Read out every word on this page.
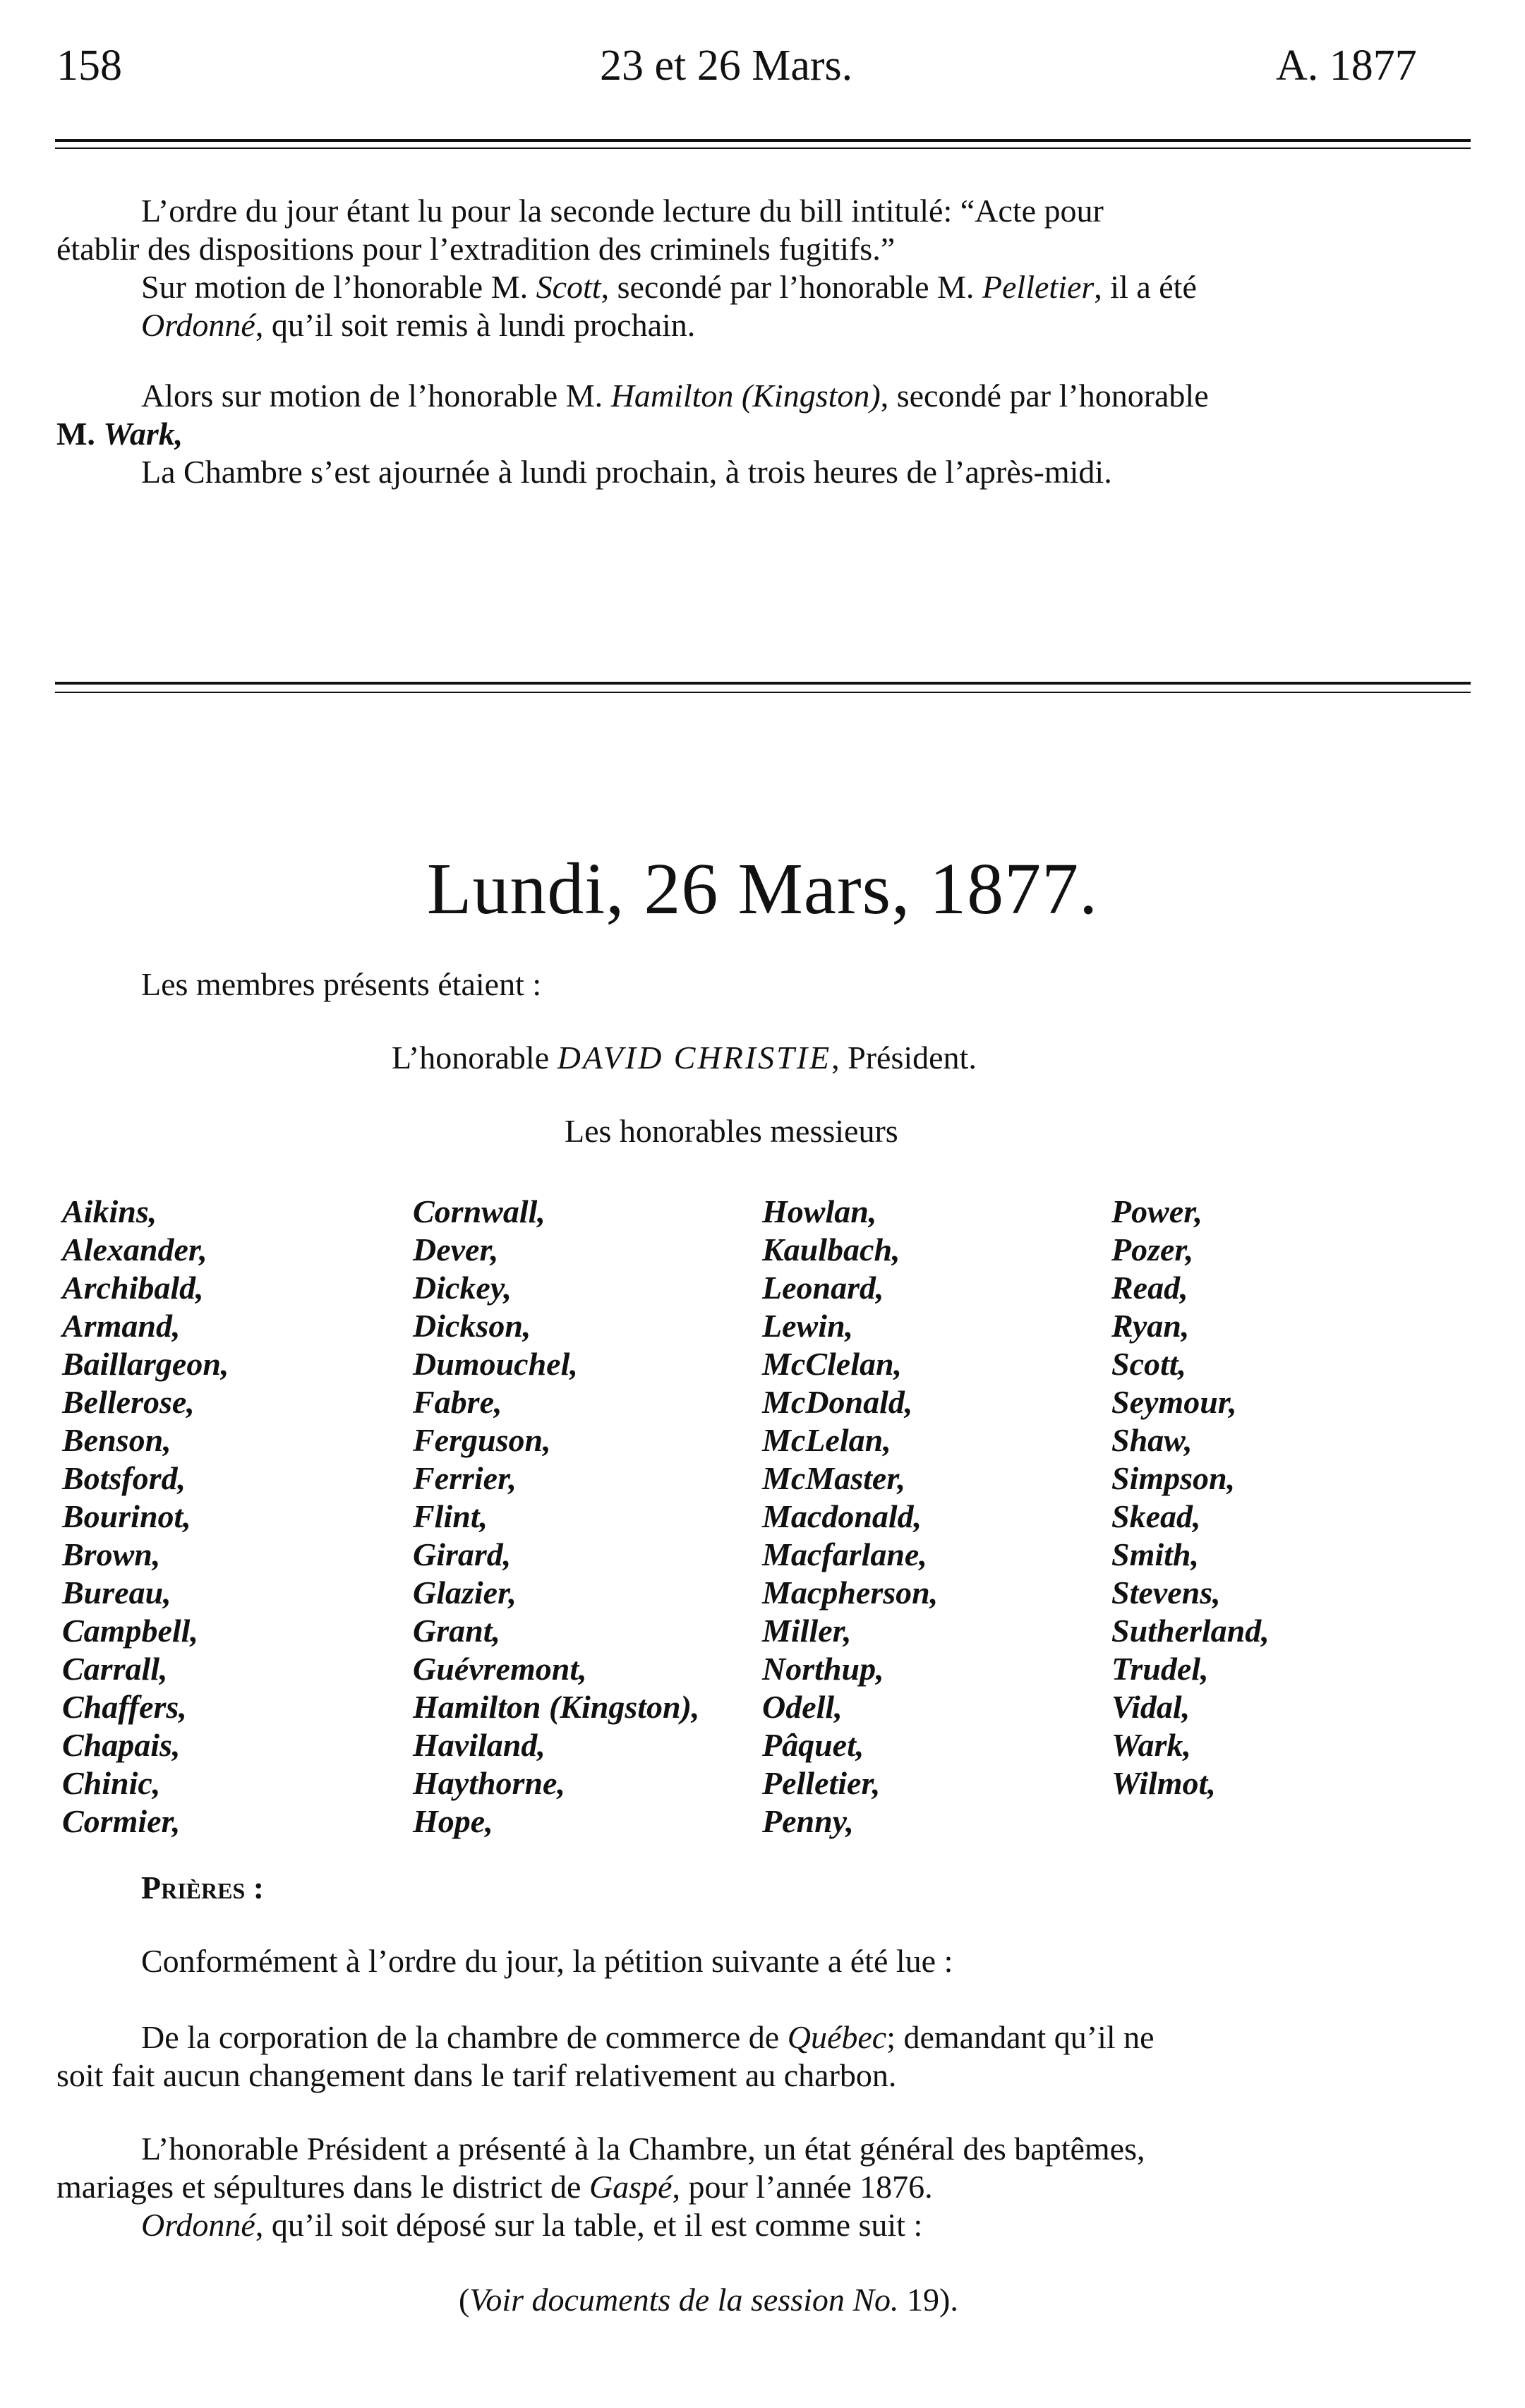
158	23 et 26 Mars.	A. 1877
L’ordre du jour étant lu pour la seconde lecture du bill intitulé: “Acte pour
établir des dispositions pour l’extradition des criminels fugitifs.”
Sur motion de l’honorable M. Scott, secondé par l’honorable M. Pelletier, il a été
Ordonné, qu’il soit remis à lundi prochain.
Alors sur motion de l’honorable M. Hamilton (Kingston), secondé par l’honorable
M. Wark,
La Chambre s’est ajournée à lundi prochain, à trois heures de l’après-midi.
Lundi, 26 Mars, 1877.
Les membres présents étaient :
L’honorable DAVID CHRISTIE, Président.
Les honorables messieurs
Aikins,
Alexander,
Archibald,
Armand,
Baillargeon,
Bellerose,
Benson,
Botsford,
Bourinot,
Brown,
Bureau,
Campbell,
Carrall,
Chaffers,
Chapais,
Chinic,
Cormier,
Cornwall,
Dever,
Dickey,
Dickson,
Dumouchel,
Fabre,
Ferguson,
Ferrier,
Flint,
Girard,
Glazier,
Grant,
Guévremont,
Hamilton (Kingston),
Haviland,
Haythorne,
Hope,
Howlan,
Kaulbach,
Leonard,
Lewin,
McClelan,
McDonald,
McLelan,
McMaster,
Macdonald,
Macfarlane,
Macpherson,
Miller,
Northup,
Odell,
Pâquet,
Pelletier,
Penny,
Power,
Pozer,
Read,
Ryan,
Scott,
Seymour,
Shaw,
Simpson,
Skead,
Smith,
Stevens,
Sutherland,
Trudel,
Vidal,
Wark,
Wilmot,
Prières :
Conformément à l’ordre du jour, la pétition suivante a été lue :
De la corporation de la chambre de commerce de Québec; demandant qu’il ne
soit fait aucun changement dans le tarif relativement au charbon.
L’honorable Président a présenté à la Chambre, un état général des baptêmes,
mariages et sépultures dans le district de Gaspé, pour l’année 1876.
Ordonné, qu’il soit déposé sur la table, et il est comme suit :
(Voir documents de la session No. 19).
